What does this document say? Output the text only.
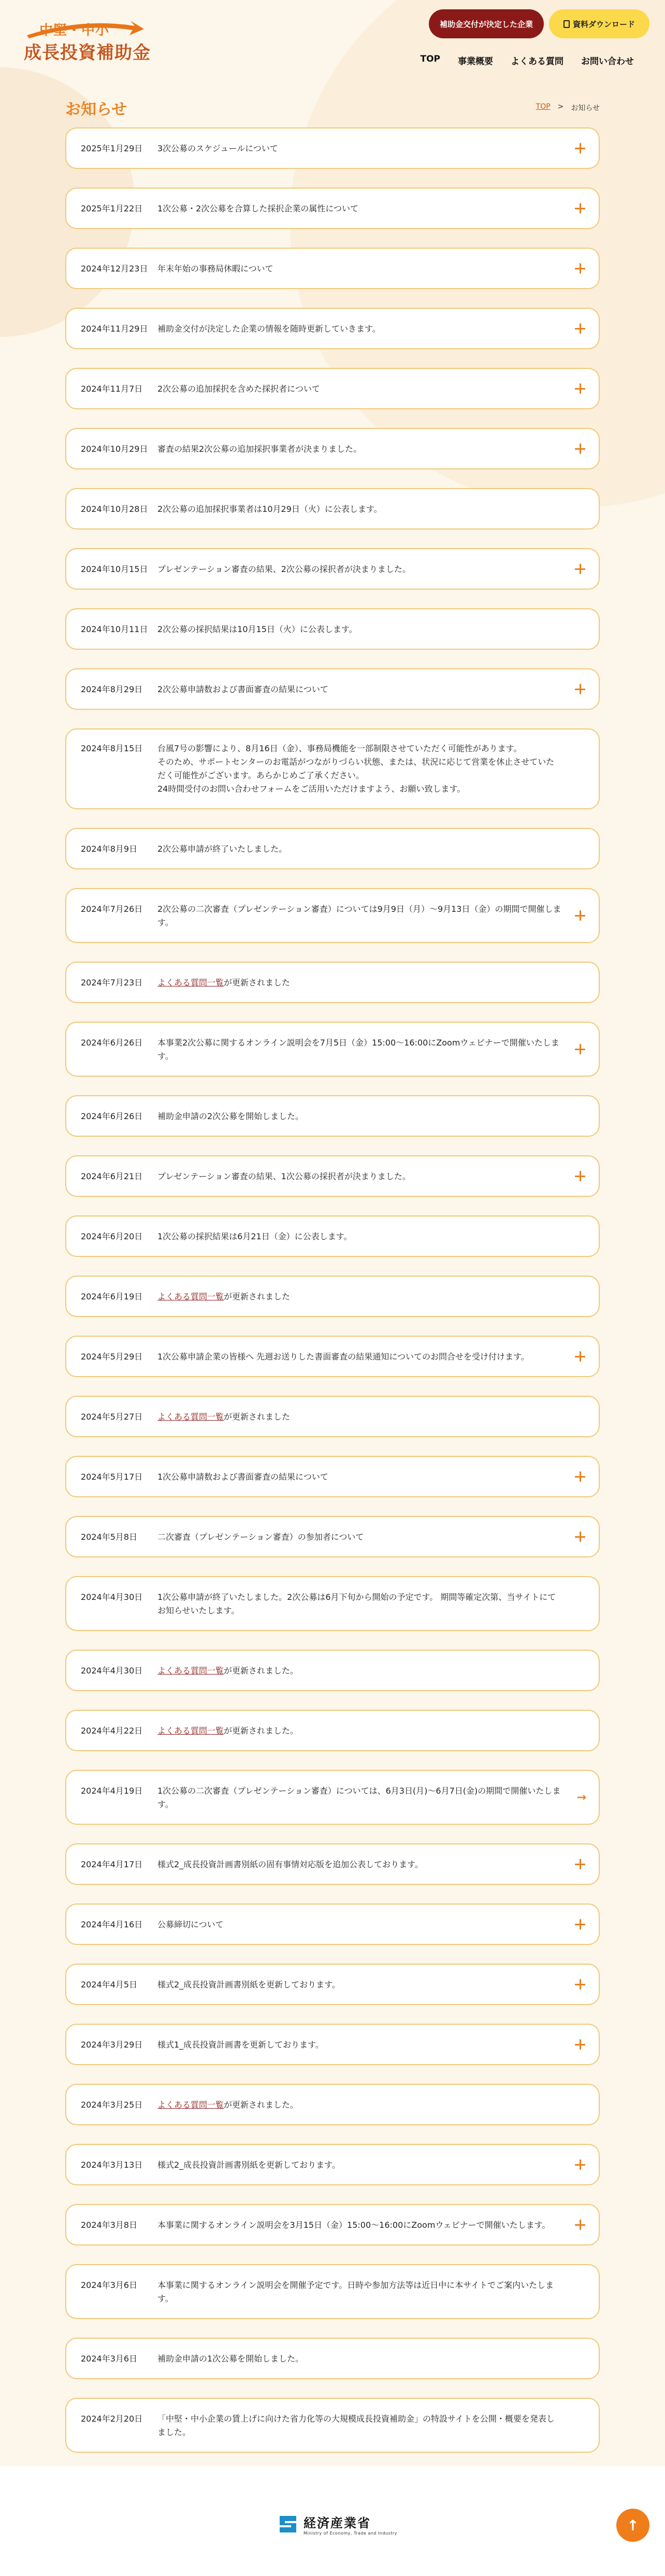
中堅・中小
成長投資補助金
補助金交付が決定した企業	資料ダウンロード
TOP 事業概要 よくある質問 お問い合わせ
お知らせ	TOP > お知らせ
2025年1月29日	3次公募のスケジュールについて
2025年1月22日	1次公募・2次公募を合算した採択企業の属性について
2024年12月23日	年末年始の事務局休暇について
2024年11月29日	補助金交付が決定した企業の情報を随時更新していきます。
2024年11月7日	2次公募の追加採択を含めた採択者について
2024年10月29日	審査の結果2次公募の追加採択事業者が決まりました。
2024年10月28日	2次公募の追加採択事業者は10月29日（火）に公表します。
2024年10月15日	プレゼンテーション審査の結果、2次公募の採択者が決まりました。
2024年10月11日	2次公募の採択結果は10月15日（火）に公表します。
2024年8月29日	2次公募申請数および書面審査の結果について
2024年8月15日	台風7号の影響により、8月16日（金）、事務局機能を一部制限させていただく可能性があります。
そのため、サポートセンターのお電話がつながりづらい状態、または、状況に応じて営業を休止させていただく可能性がございます。あらかじめご了承ください。
24時間受付のお問い合わせフォームをご活用いただけますよう、お願い致します。
2024年8月9日	2次公募申請が終了いたしました。
2024年7月26日	2次公募の二次審査（プレゼンテーション審査）については9月9日（月）～9月13日（金）の期間で開催します。
2024年7月23日	よくある質問一覧が更新されました
2024年6月26日	本事業2次公募に関するオンライン説明会を7月5日（金）15:00～16:00にZoomウェビナーで開催いたします。
2024年6月26日	補助金申請の2次公募を開始しました。
2024年6月21日	プレゼンテーション審査の結果、1次公募の採択者が決まりました。
2024年6月20日	1次公募の採択結果は6月21日（金）に公表します。
2024年6月19日	よくある質問一覧が更新されました
2024年5月29日	1次公募申請企業の皆様へ 先週お送りした書面審査の結果通知についてのお問合せを受け付けます。
2024年5月27日	よくある質問一覧が更新されました
2024年5月17日	1次公募申請数および書面審査の結果について
2024年5月8日	二次審査（プレゼンテーション審査）の参加者について
2024年4月30日	1次公募申請が終了いたしました。2次公募は6月下旬から開始の予定です。 期間等確定次第、当サイトにてお知らせいたします。
2024年4月30日	よくある質問一覧が更新されました。
2024年4月22日	よくある質問一覧が更新されました。
2024年4月19日	1次公募の二次審査（プレゼンテーション審査）については、6月3日(月)～6月7日(金)の期間で開催いたします。
→
2024年4月17日	様式2_成長投資計画書別紙の固有事情対応版を追加公表しております。
2024年4月16日	公募締切について
2024年4月5日	様式2_成長投資計画書別紙を更新しております。
2024年3月29日	様式1_成長投資計画書を更新しております。
2024年3月25日	よくある質問一覧が更新されました。
2024年3月13日	様式2_成長投資計画書別紙を更新しております。
2024年3月8日	本事業に関するオンライン説明会を3月15日（金）15:00～16:00にZoomウェビナーで開催いたします。
2024年3月6日	本事業に関するオンライン説明会を開催予定です。日時や参加方法等は近日中に本サイトでご案内いたします。
2024年3月6日	補助金申請の1次公募を開始しました。
2024年2月20日	「中堅・中小企業の賃上げに向けた省力化等の大規模成長投資補助金」の特設サイトを公開・概要を発表しました。
経済産業省
Ministry of Economy, Trade and Industry	↑
